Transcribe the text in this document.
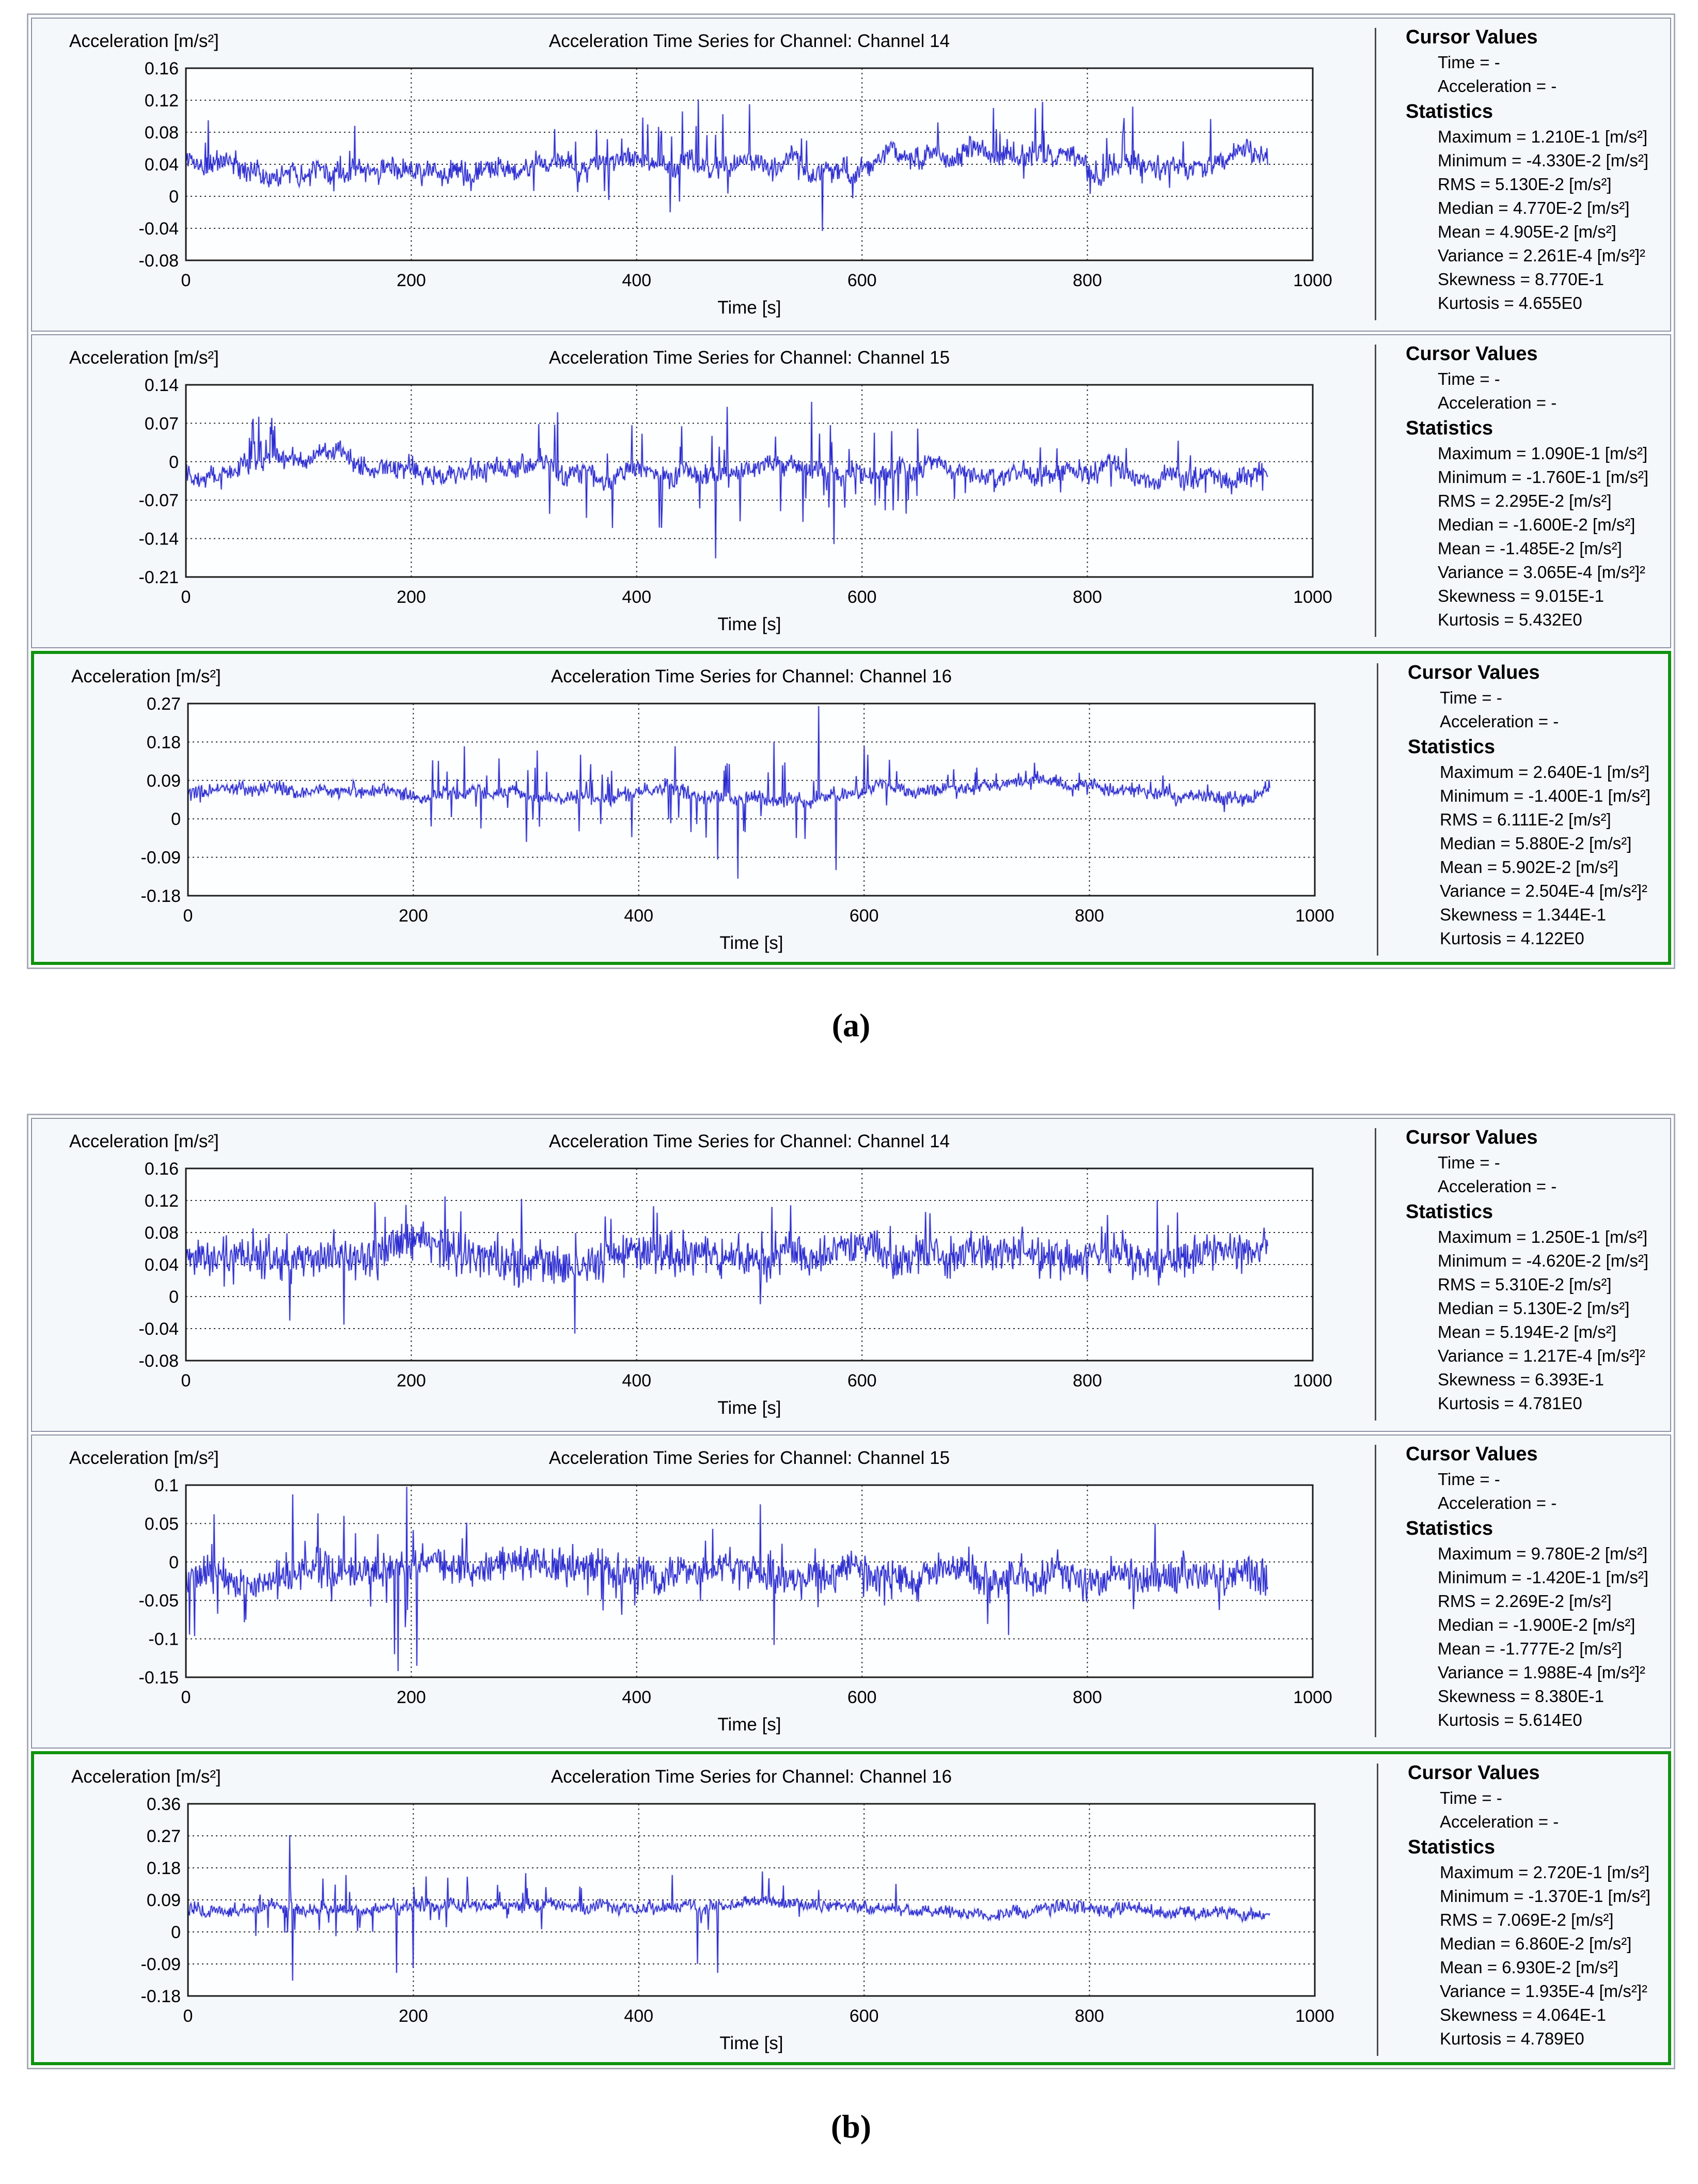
0.16
0.12
0.08
0.04
0
-0.04
-0.08
0	200	400	600	800	1000
Acceleration [m/s²]	Acceleration Time Series for Channel: Channel 14
Time [s]
Cursor Values
Time = -
Acceleration = -
Statistics
Maximum = 1.210E-1 [m/s²]
Minimum = -4.330E-2 [m/s²]
RMS = 5.130E-2 [m/s²]
Median = 4.770E-2 [m/s²]
Mean = 4.905E-2 [m/s²]
Variance = 2.261E-4 [m/s²]²
Skewness = 8.770E-1
Kurtosis = 4.655E0
0.14
0.07
0
-0.07
-0.14
-0.21
0	200	400	600	800	1000
Acceleration [m/s²]	Acceleration Time Series for Channel: Channel 15
Time [s]
Cursor Values
Time = -
Acceleration = -
Statistics
Maximum = 1.090E-1 [m/s²]
Minimum = -1.760E-1 [m/s²]
RMS = 2.295E-2 [m/s²]
Median = -1.600E-2 [m/s²]
Mean = -1.485E-2 [m/s²]
Variance = 3.065E-4 [m/s²]²
Skewness = 9.015E-1
Kurtosis = 5.432E0
0.27
0.18
0.09
0
-0.09
-0.18
0	200	400	600	800	1000
Acceleration [m/s²]	Acceleration Time Series for Channel: Channel 16
Time [s]
Cursor Values
Time = -
Acceleration = -
Statistics
Maximum = 2.640E-1 [m/s²]
Minimum = -1.400E-1 [m/s²]
RMS = 6.111E-2 [m/s²]
Median = 5.880E-2 [m/s²]
Mean = 5.902E-2 [m/s²]
Variance = 2.504E-4 [m/s²]²
Skewness = 1.344E-1
Kurtosis = 4.122E0
(a)
0.16
0.12
0.08
0.04
0
-0.04
-0.08
0	200	400	600	800	1000
Acceleration [m/s²]	Acceleration Time Series for Channel: Channel 14
Time [s]
Cursor Values
Time = -
Acceleration = -
Statistics
Maximum = 1.250E-1 [m/s²]
Minimum = -4.620E-2 [m/s²]
RMS = 5.310E-2 [m/s²]
Median = 5.130E-2 [m/s²]
Mean = 5.194E-2 [m/s²]
Variance = 1.217E-4 [m/s²]²
Skewness = 6.393E-1
Kurtosis = 4.781E0
0.1
0.05
0
-0.05
-0.1
-0.15
0	200	400	600	800	1000
Acceleration [m/s²]	Acceleration Time Series for Channel: Channel 15
Time [s]
Cursor Values
Time = -
Acceleration = -
Statistics
Maximum = 9.780E-2 [m/s²]
Minimum = -1.420E-1 [m/s²]
RMS = 2.269E-2 [m/s²]
Median = -1.900E-2 [m/s²]
Mean = -1.777E-2 [m/s²]
Variance = 1.988E-4 [m/s²]²
Skewness = 8.380E-1
Kurtosis = 5.614E0
0.36
0.27
0.18
0.09
0
-0.09
-0.18
0	200	400	600	800	1000
Acceleration [m/s²]	Acceleration Time Series for Channel: Channel 16
Time [s]
Cursor Values
Time = -
Acceleration = -
Statistics
Maximum = 2.720E-1 [m/s²]
Minimum = -1.370E-1 [m/s²]
RMS = 7.069E-2 [m/s²]
Median = 6.860E-2 [m/s²]
Mean = 6.930E-2 [m/s²]
Variance = 1.935E-4 [m/s²]²
Skewness = 4.064E-1
Kurtosis = 4.789E0
(b)
